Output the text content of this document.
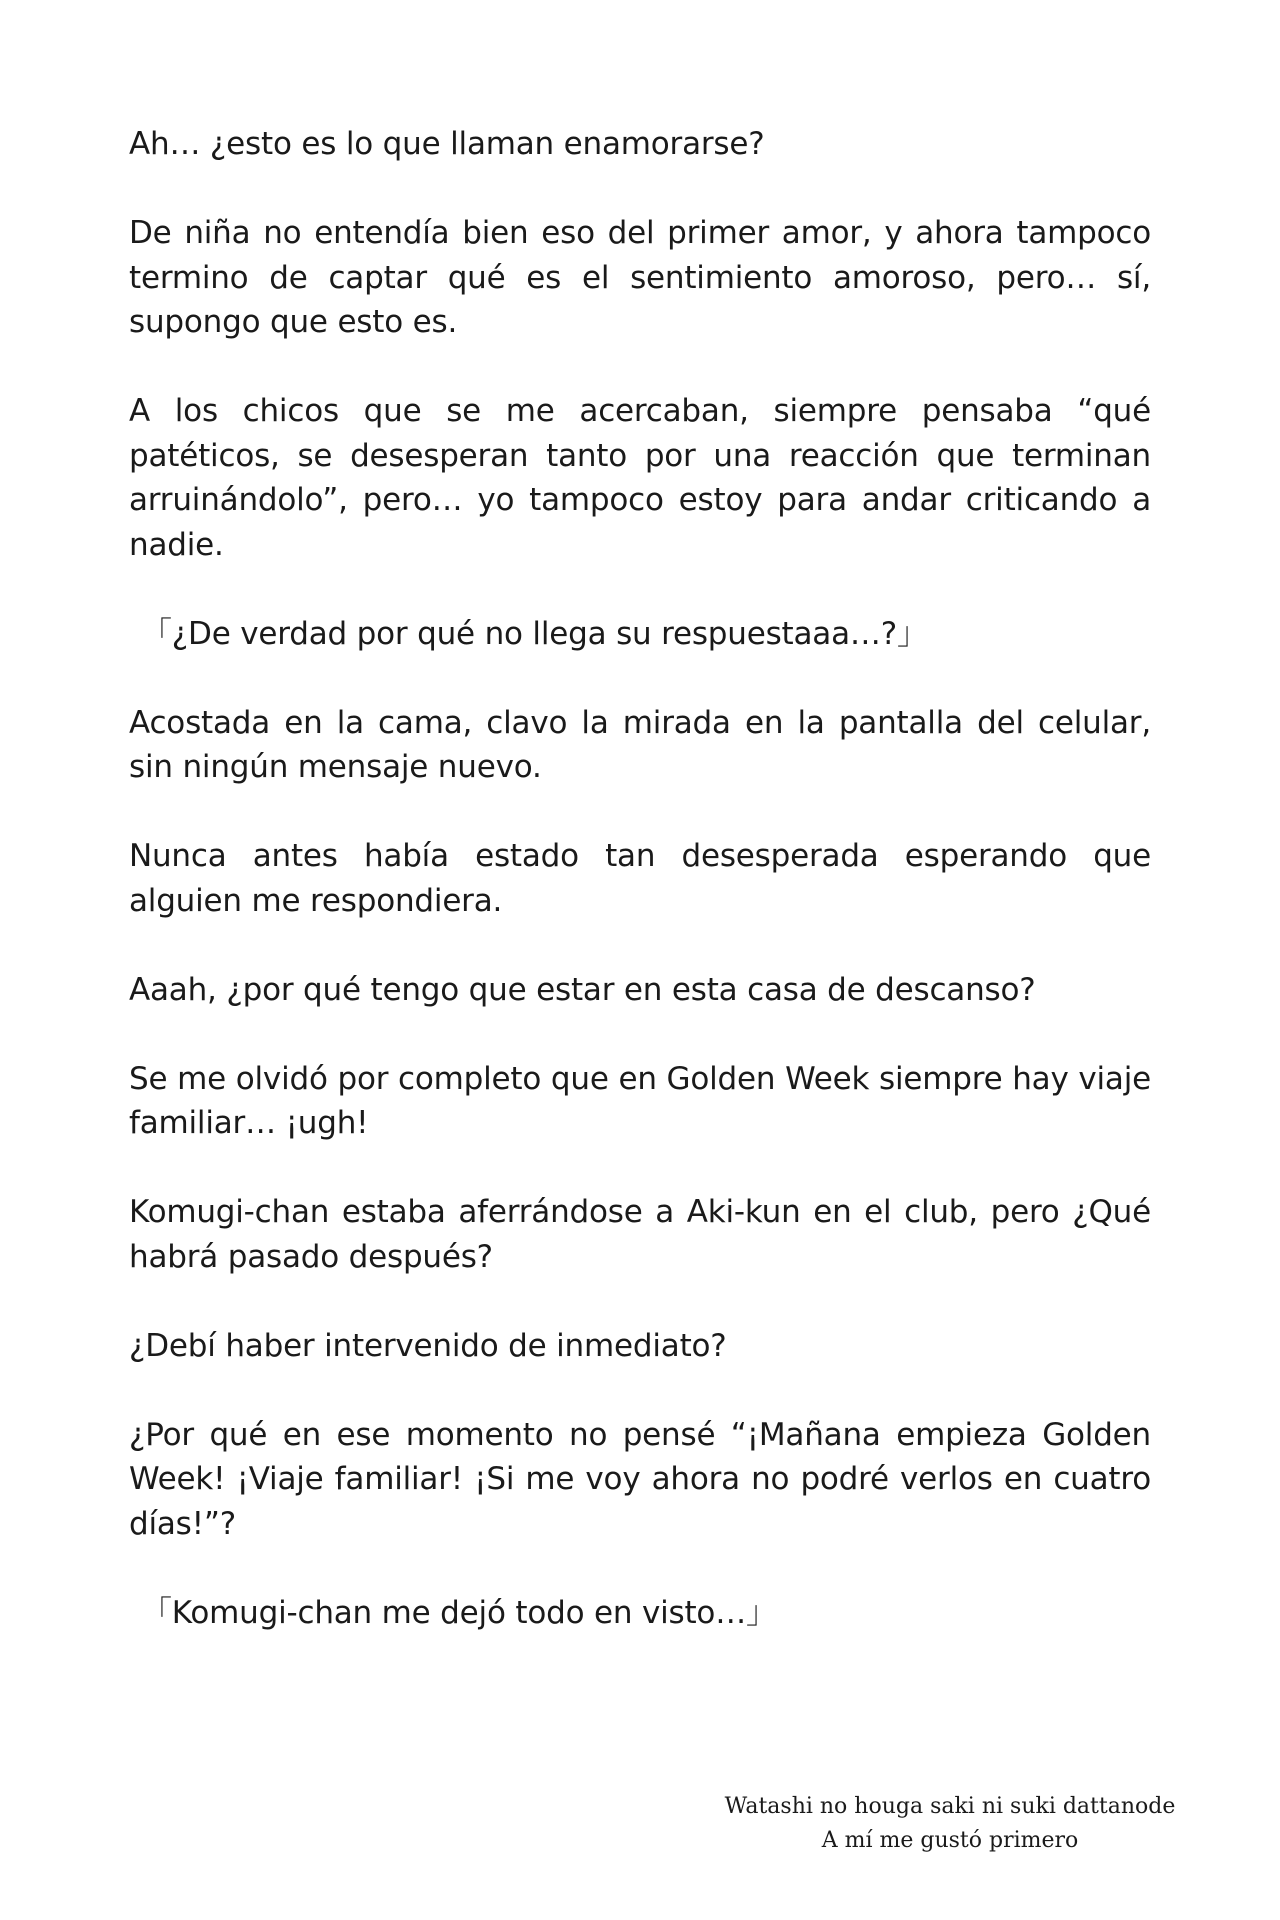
Ah… ¿esto es lo que llaman enamorarse?

De niña no entendía bien eso del primer amor, y ahora tampoco termino de captar qué es el sentimiento amoroso, pero… sí, supongo que esto es.

A los chicos que se me acercaban, siempre pensaba “qué patéticos, se desesperan tanto por una reacción que terminan arruinándolo”, pero… yo tampoco estoy para andar criticando a nadie.

「¿De verdad por qué no llega su respuestaaa…?」

Acostada en la cama, clavo la mirada en la pantalla del celular, sin ningún mensaje nuevo.

Nunca antes había estado tan desesperada esperando que alguien me respondiera.

Aaah, ¿por qué tengo que estar en esta casa de descanso?

Se me olvidó por completo que en Golden Week siempre hay viaje familiar… ¡ugh!

Komugi-chan estaba aferrándose a Aki-kun en el club, pero ¿Qué habrá pasado después?

¿Debí haber intervenido de inmediato?

¿Por qué en ese momento no pensé “¡Mañana empieza Golden Week! ¡Viaje familiar! ¡Si me voy ahora no podré verlos en cuatro días!”?

「Komugi-chan me dejó todo en visto…」

Watashi no houga saki ni suki dattanode
A mí me gustó primero
